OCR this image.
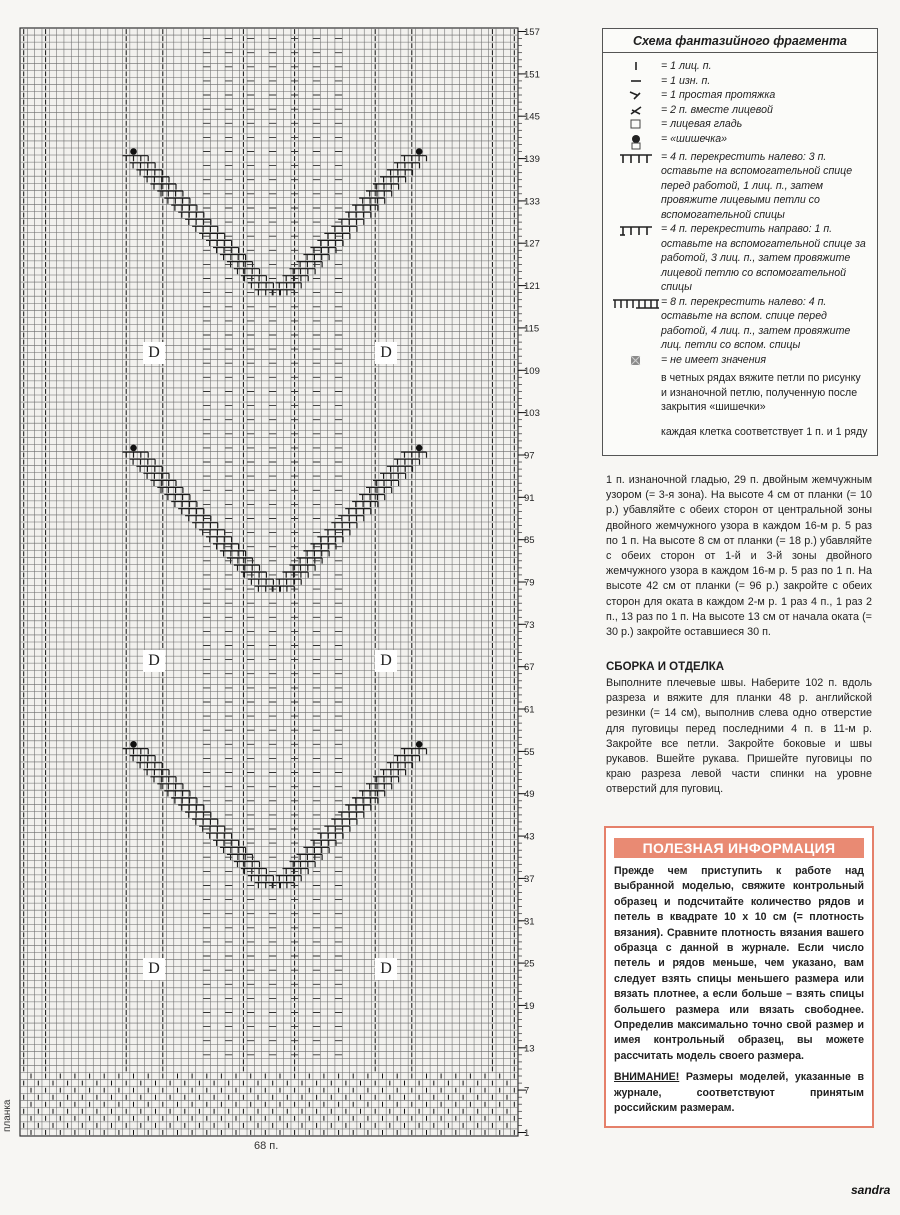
157
151
145
139
133
127
121
115
109
103
97
91
85
79
73
67
61
55
49
43
37
31
25
19
13
7
1
D	D
D	D
D	D
планка
68 п.
Схема фантазийного фрагмента
= 1 лиц. п.
= 1 изн. п.
= 1 простая протяжка
= 2 п. вместе лицевой
= лицевая гладь
= «шишечка»
= 4 п. перекрестить налево: 3 п. оставьте на вспомогательной спице перед работой, 1 лиц. п., затем провяжите лицевыми петли со вспомогательной спицы
= 4 п. перекрестить направо: 1 п. оставьте на вспомогательной спице за работой, 3 лиц. п., затем провяжите лицевой петлю со вспомогательной спицы
= 8 п. перекрестить налево: 4 п. оставьте на вспом. спице перед работой, 4 лиц. п., затем провяжите лиц. петли со вспом. спицы
= не имеет значения
в четных рядах вяжите петли по рисунку и изнаночной петлю, полученную после закрытия «шишечки»
каждая клетка соответствует 1 п. и 1 ряду
1 п. изнаночной гладью, 29 п. двойным жемчужным узором (= 3-я зона). На высоте 4 см от планки (= 10 р.) убавляйте с обеих сторон от центральной зоны двойного жемчужного узора в каждом 16-м р. 5 раз по 1 п. На высоте 8 см от планки (= 18 р.) убавляйте с обеих сторон от 1-й и 3-й зоны двойного жемчужного узора в каждом 16-м р. 5 раз по 1 п. На высоте 42 см от планки (= 96 р.) закройте с обеих сторон для оката в каждом 2-м р. 1 раз 4 п., 1 раз 2 п., 13 раз по 1 п. На высоте 13 см от начала оката (= 30 р.) закройте оставшиеся 30 п.
СБОРКА И ОТДЕЛКА
Выполните плечевые швы. Наберите 102 п. вдоль разреза и вяжите для планки 48 р. английской резинки (= 14 см), выполнив слева одно отверстие для пуговицы перед последними 4 п. в 11-м р. Закройте все петли. Закройте боковые и швы рукавов. Вшейте рукава. Пришейте пуговицы по краю разреза левой части спинки на уровне отверстий для пуговиц.
ПОЛЕЗНАЯ ИНФОРМАЦИЯ
Прежде чем приступить к работе над выбранной моделью, свяжите контрольный образец и подсчитайте количество рядов и петель в квадрате 10 х 10 см (= плотность вязания). Сравните плотность вязания вашего образца с данной в журнале. Если число петель и рядов меньше, чем указано, вам следует взять спицы меньшего размера или вязать плотнее, а если больше – взять спицы большего размера или вязать свободнее. Определив максимально точно свой размер и имея контрольный образец, вы можете рассчитать модель своего размера.
ВНИМАНИЕ! Размеры моделей, указанные в журнале, соответствуют принятым российским размерам.
sandra
